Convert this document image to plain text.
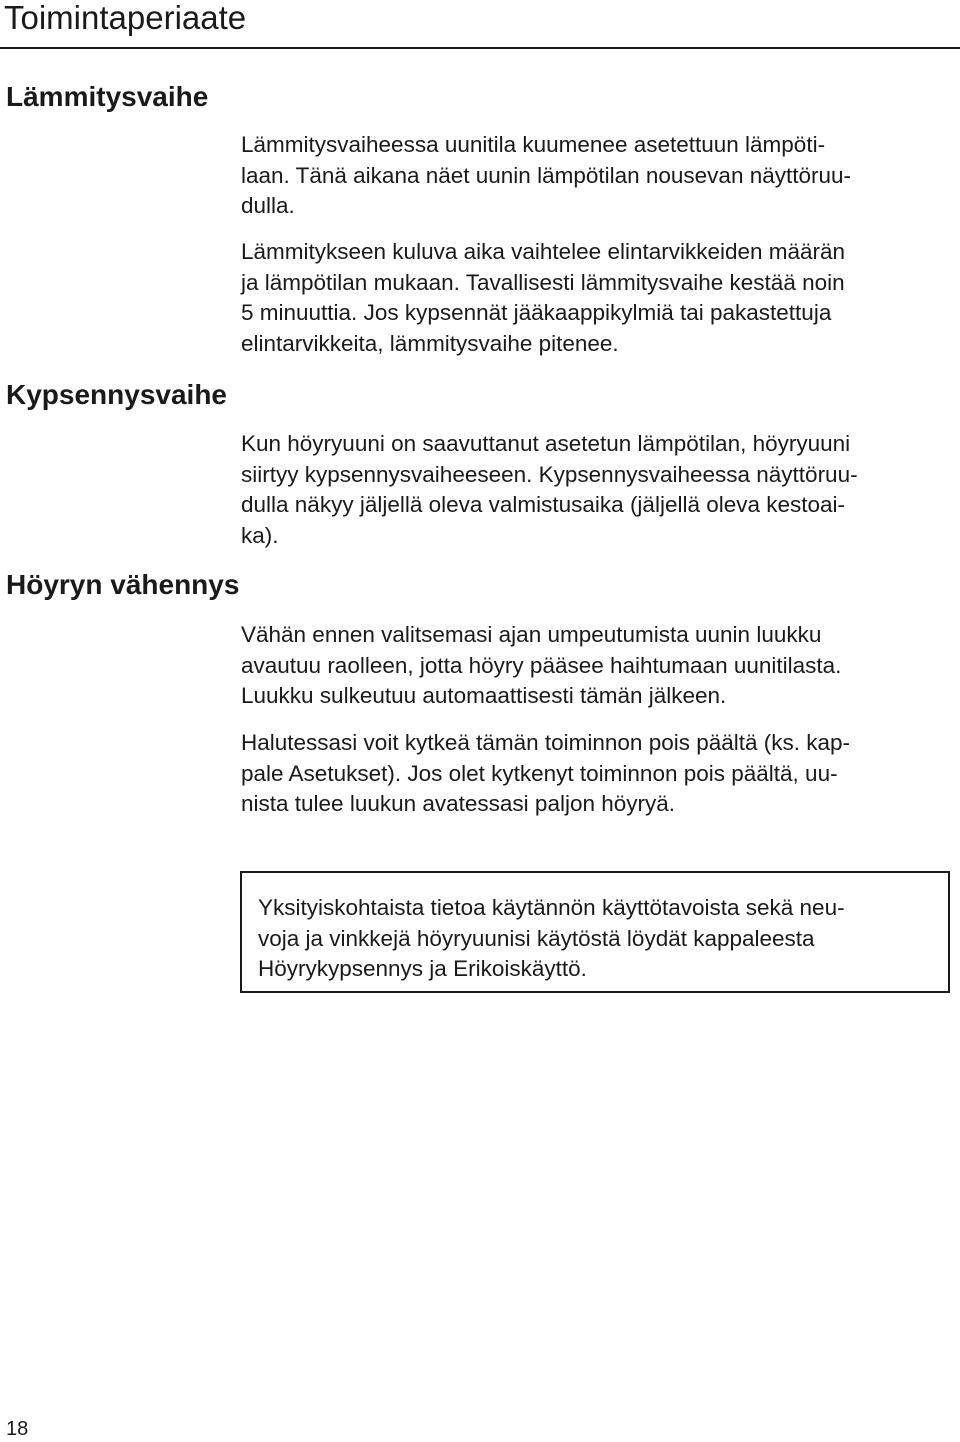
Toimintaperiaate
Lämmitysvaihe

Lämmitysvaiheessa uunitila kuumenee asetettuun lämpöti-
laan. Tänä aikana näet uunin lämpötilan nousevan näyttöruu-
dulla.

Lämmitykseen kuluva aika vaihtelee elintarvikkeiden määrän
ja lämpötilan mukaan. Tavallisesti lämmitysvaihe kestää noin
5 minuuttia. Jos kypsennät jääkaappikylmiä tai pakastettuja
elintarvikkeita, lämmitysvaihe pitenee.

Kypsennysvaihe

Kun höyryuuni on saavuttanut asetetun lämpötilan, höyryuuni
siirtyy kypsennysvaiheeseen. Kypsennysvaiheessa näyttöruu-
dulla näkyy jäljellä oleva valmistusaika (jäljellä oleva kestoai-
ka).

Höyryn vähennys

Vähän ennen valitsemasi ajan umpeutumista uunin luukku
avautuu raolleen, jotta höyry pääsee haihtumaan uunitilasta.
Luukku sulkeutuu automaattisesti tämän jälkeen.

Halutessasi voit kytkeä tämän toiminnon pois päältä (ks. kap-
pale Asetukset). Jos olet kytkenyt toiminnon pois päältä, uu-
nista tulee luukun avatessasi paljon höyryä.

Yksityiskohtaista tietoa käytännön käyttötavoista sekä neu-
voja ja vinkkejä höyryuunisi käytöstä löydät kappaleesta
Höyrykypsennys ja Erikoiskäyttö.

18
